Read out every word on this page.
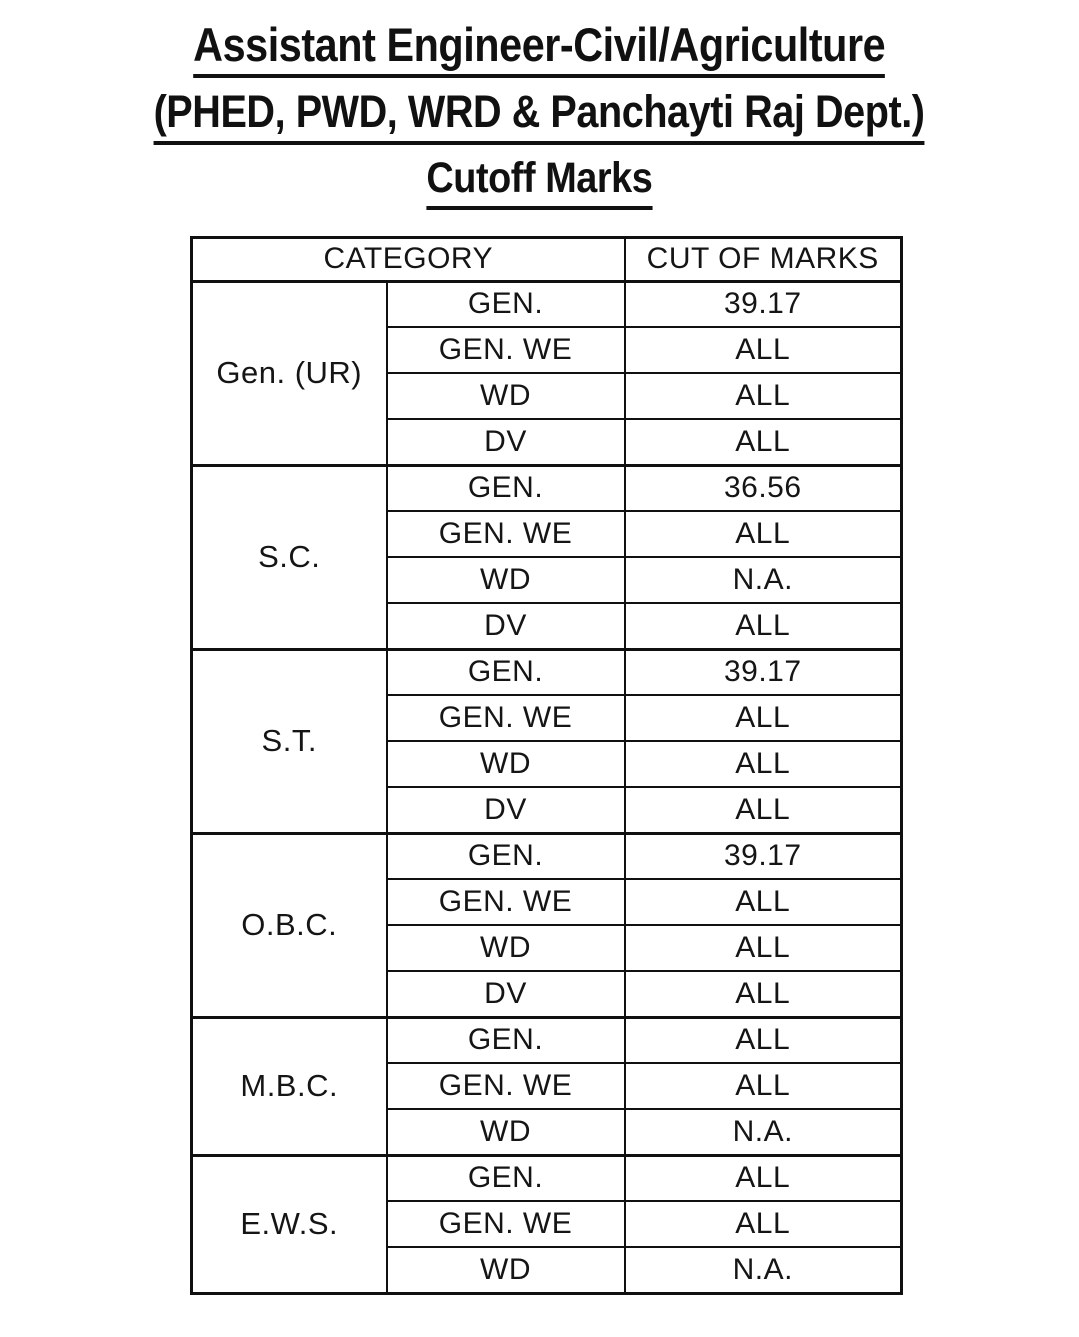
Assistant Engineer-Civil/Agriculture
(PHED, PWD, WRD & Panchayti Raj Dept.)
Cutoff Marks
CATEGORY		CUT OF MARKS
Gen. (UR)	GEN.	39.17
	GEN. WE	ALL
	WD	ALL
	DV	ALL
S.C.	GEN.	36.56
	GEN. WE	ALL
	WD	N.A.
	DV	ALL
S.T.	GEN.	39.17
	GEN. WE	ALL
	WD	ALL
	DV	ALL
O.B.C.	GEN.	39.17
	GEN. WE	ALL
	WD	ALL
	DV	ALL
M.B.C.	GEN.	ALL
	GEN. WE	ALL
	WD	N.A.
E.W.S.	GEN.	ALL
	GEN. WE	ALL
	WD	N.A.
